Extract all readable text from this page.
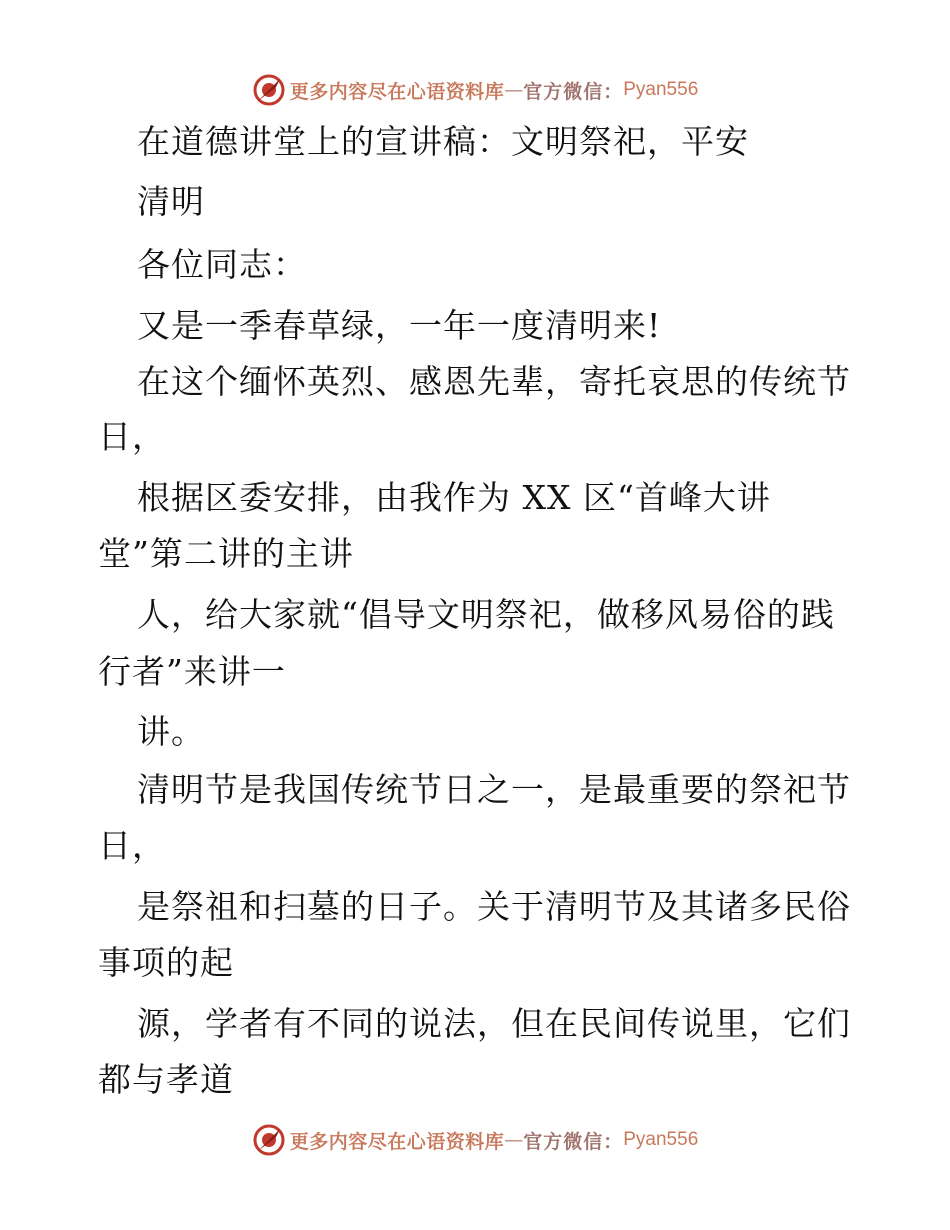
更多内容尽在心语资料库 — 官方微信： Pyan556
在道德讲堂上的宣讲稿：文明祭祀，平安
清明
各位同志：
又是一季春草绿，一年一度清明来!
在这个缅怀英烈、感恩先辈，寄托哀思的传统节
日，
根据区委安排，由我作为 XX 区“首峰大讲
堂”第二讲的主讲
人，给大家就“倡导文明祭祀，做移风易俗的践
行者”来讲一
讲。
清明节是我国传统节日之一，是最重要的祭祀节
日，
是祭祖和扫墓的日子。关于清明节及其诸多民俗
事项的起
源，学者有不同的说法，但在民间传说里，它们
都与孝道
更多内容尽在心语资料库 — 官方微信： Pyan556
